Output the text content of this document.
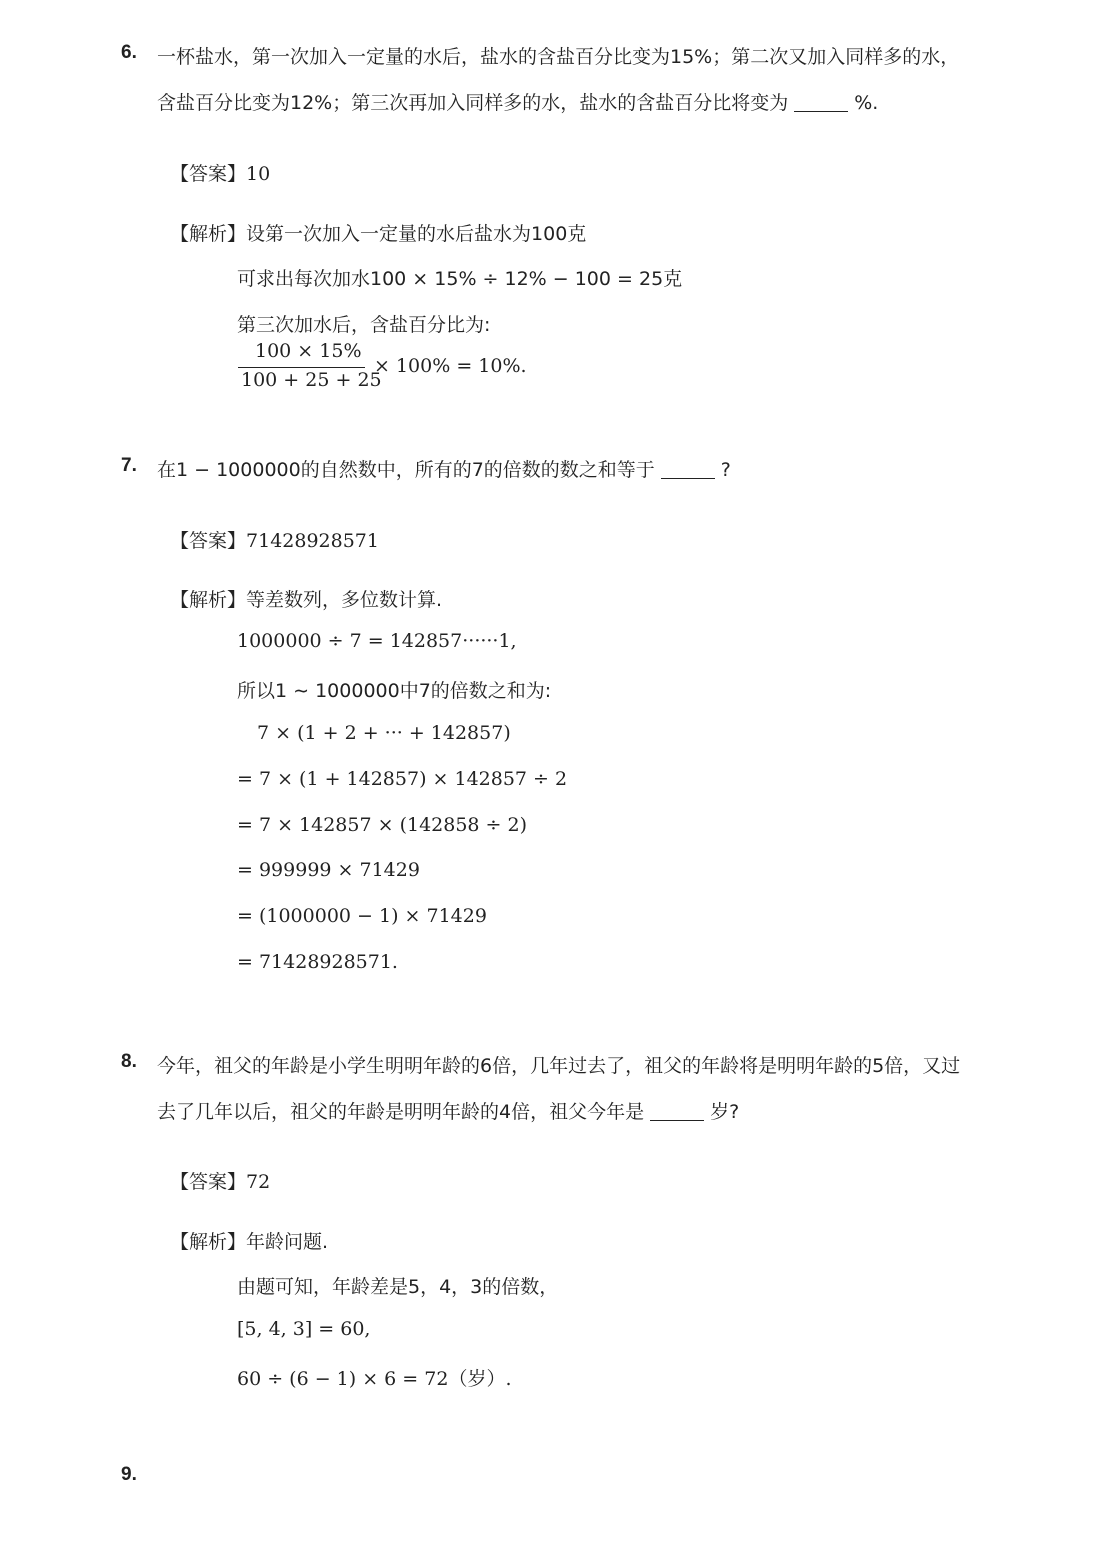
6. 一杯盐水，第一次加入一定量的水后，盐水的含盐百分比变为15%；第二次又加入同样多的水，
含盐百分比变为12%；第三次再加入同样多的水，盐水的含盐百分比将变为	%.
【答案】10
【解析】设第一次加入一定量的水后盐水为100克
可求出每次加水100 × 15% ÷ 12% − 100 = 25克
第三次加水后，含盐百分比为:
100 × 15%
100 + 25 + 25
× 100% = 10%.
7. 在1 − 1000000的自然数中，所有的7的倍数的数之和等于	?
【答案】71428928571
【解析】等差数列，多位数计算.
1000000 ÷ 7 = 142857······1,
所以1 ∼ 1000000中7的倍数之和为:
7 × (1 + 2 + ··· + 142857)
= 7 × (1 + 142857) × 142857 ÷ 2
= 7 × 142857 × (142858 ÷ 2)
= 999999 × 71429
= (1000000 − 1) × 71429
= 71428928571.
8. 今年，祖父的年龄是小学生明明年龄的6倍，几年过去了，祖父的年龄将是明明年龄的5倍，又过
去了几年以后，祖父的年龄是明明年龄的4倍，祖父今年是	岁?
【答案】72
【解析】年龄问题.
由题可知，年龄差是5，4，3的倍数，
[5, 4, 3] = 60,
60 ÷ (6 − 1) × 6 = 72（岁）.
9.
